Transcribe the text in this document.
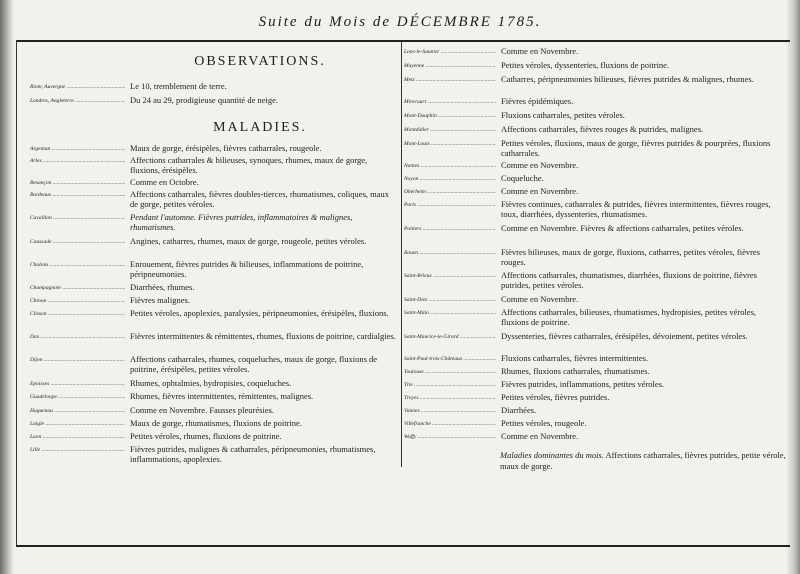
Suite du Mois de DÉCEMBRE 1785.
OBSERVATIONS.
Riom, Auvergne .....	Le 10, tremblement de terre.
Londres, Angleterre .....	Du 24 au 29, prodigieuse quantité de neige.
MALADIES.
Argentan .....	Maux de gorge, érésipèles, fièvres catharrales, rougeole.
Arles .....	Affections catharrales & bilieuses, synoques, rhumes, maux de gorge, fluxions, érésipèles.
Besançon .....	Comme en Octobre.
Bordeaux .....	Affections catharrales, fièvres doubles-tierces, rhumatismes, coliques, maux de gorge, petites véroles.
Cavaillon .....	Pendant l'automne. Fièvres putrides, inflammatoires & malignes, rhumatismes.
Caussade .....	Angines, catharres, rhumes, maux de gorge, rougeole, petites véroles.
Chalons .....	Enrouement, fièvres putrides & bilieuses, inflammations de poitrine, péripneumonies.
Champagnole .....	Diarrhées, rhumes.
Chinon .....	Fièvres malignes.
Clisson .....	Petites véroles, apoplexies, paralysies, péripneumonies, érésipèles, fluxions.
Dax .....	Fièvres intermittentes & rémittentes, rhumes, fluxions de poitrine, cardialgies.
Dijon .....	Affections catharrales, rhumes, coqueluches, maux de gorge, fluxions de poitrine, érésipèles, petites véroles.
Epoisses .....	Rhumes, ophtalmies, hydropisies, coqueluches.
Guadeloupe .....	Rhumes, fièvres intermittentes, rémittentes, malignes.
Haguenau .....	Comme en Novembre. Fausses pleurésies.
Laigle .....	Maux de gorge, rhumatismes, fluxions de poitrine.
Laon .....	Petites véroles, rhumes, fluxions de poitrine.
Lille .....	Fièvres putrides, malignes & catharrales, péripneumonies, rhumatismes, inflammations, apoplexies.
Lons-le-Saunier .....	Comme en Novembre.
Mayenne .....	Petites véroles, dyssenteries, fluxions de poitrine.
Metz .....	Catharres, péripneumonies bilieuses, fièvres putrides & malignes, rhumes.
Mirecourt .....	Fièvres épidémiques.
Mont-Dauphin .....	Fluxions catharrales, petites véroles.
Montdidier .....	Affections catharrales, fièvres rouges & putrides, malignes.
Mont-Louis .....	Petites véroles, fluxions, maux de gorge, fièvres putrides & pourprées, fluxions catharrales.
Nantes .....	Comme en Novembre.
Noyon .....	Coqueluche.
Oberheim .....	Comme en Novembre.
Paris .....	Fièvres continues, catharrales & putrides, fièvres intermittentes, fièvres rouges, toux, diarrhées, dyssenteries, rhumatismes.
Poitiers .....	Comme en Novembre. Fièvres & affections catharrales, petites véroles.
Rouen .....	Fièvres bilieuses, maux de gorge, fluxions, catharres, petites véroles, fièvres rouges.
Saint-Brieux .....	Affections catharrales, rhumatismes, diarrhées, fluxions de poitrine, fièvres putrides, petites véroles.
Saint-Diez .....	Comme en Novembre.
Saint-Malo .....	Affections catharrales, bilieuses, rhumatismes, hydropisies, petites véroles, fluxions de poitrine.
Saint-Maurice-le-Girard .....	Dyssenteries, fièvres catharrales, érésipèles, dévoiement, petites véroles.
Saint-Paul-trois-Châteaux .....	Fluxions catharrales, fièvres intermittentes.
Toulouse .....	Rhumes, fluxions catharrales, rhumatismes.
Trie .....	Fièvres putrides, inflammations, petites véroles.
Troyes .....	Petites véroles, fièvres putrides.
Vannes .....	Diarrhées.
Villefranche .....	Petites véroles, rougeole.
Waffy .....	Comme en Novembre.
Maladies dominantes du mois. Affections catharrales, fièvres putrides, petite vérole, maux de gorge.
